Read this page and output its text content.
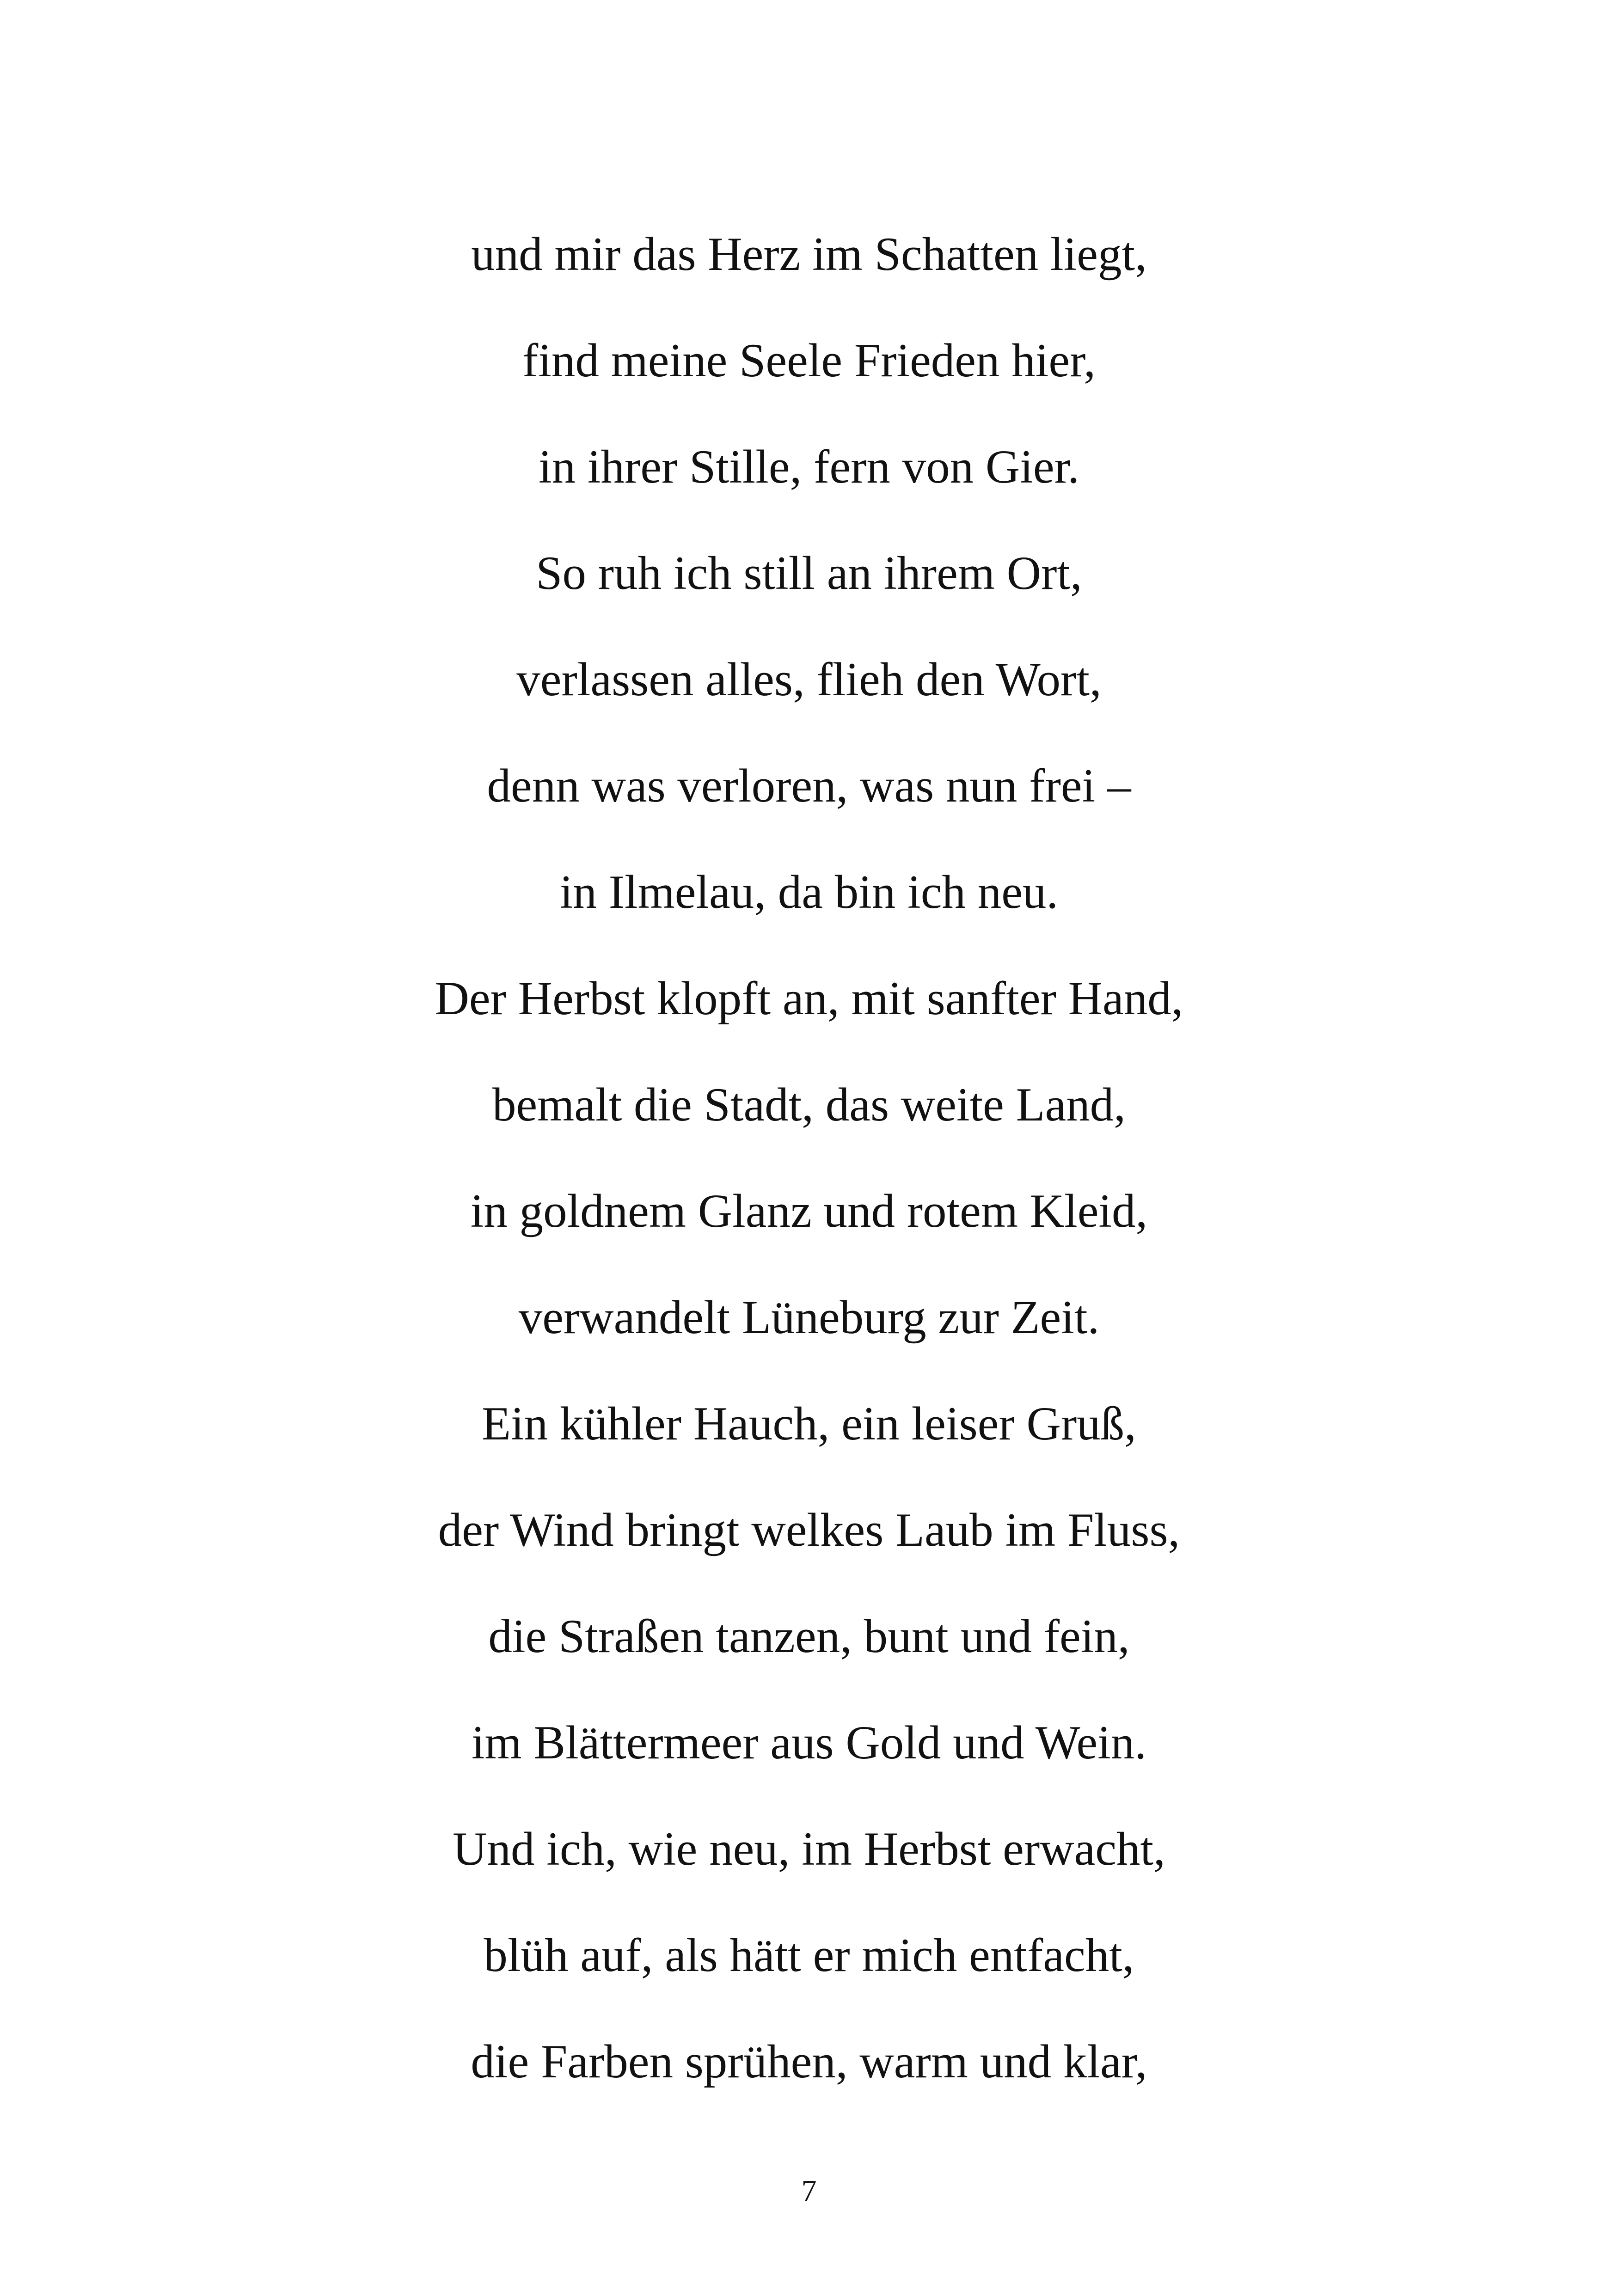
und mir das Herz im Schatten liegt,
find meine Seele Frieden hier,
in ihrer Stille, fern von Gier.
So ruh ich still an ihrem Ort,
verlassen alles, flieh den Wort,
denn was verloren, was nun frei –
in Ilmelau, da bin ich neu.
Der Herbst klopft an, mit sanfter Hand,
bemalt die Stadt, das weite Land,
in goldnem Glanz und rotem Kleid,
verwandelt Lüneburg zur Zeit.
Ein kühler Hauch, ein leiser Gruß,
der Wind bringt welkes Laub im Fluss,
die Straßen tanzen, bunt und fein,
im Blättermeer aus Gold und Wein.
Und ich, wie neu, im Herbst erwacht,
blüh auf, als hätt er mich entfacht,
die Farben sprühen, warm und klar,
7
